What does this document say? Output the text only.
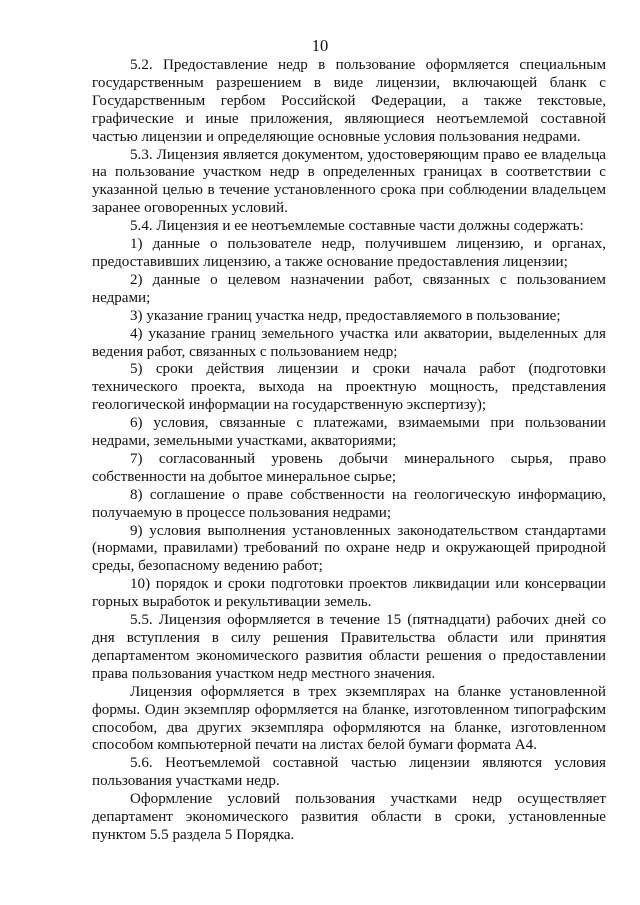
10

5.2. Предоставление недр в пользование оформляется специальным государственным разрешением в виде лицензии, включающей бланк с Государственным гербом Российской Федерации, а также текстовые, графические и иные приложения, являющиеся неотъемлемой составной частью лицензии и определяющие основные условия пользования недрами.

5.3. Лицензия является документом, удостоверяющим право ее владельца на пользование участком недр в определенных границах в соответствии с указанной целью в течение установленного срока при соблюдении владельцем заранее оговоренных условий.

5.4. Лицензия и ее неотъемлемые составные части должны содержать:

1) данные о пользователе недр, получившем лицензию, и органах, предоставивших лицензию, а также основание предоставления лицензии;

2) данные о целевом назначении работ, связанных с пользованием недрами;

3) указание границ участка недр, предоставляемого в пользование;

4) указание границ земельного участка или акватории, выделенных для ведения работ, связанных с пользованием недр;

5) сроки действия лицензии и сроки начала работ (подготовки технического проекта, выхода на проектную мощность, представления геологической информации на государственную экспертизу);

6) условия, связанные с платежами, взимаемыми при пользовании недрами, земельными участками, акваториями;

7) согласованный уровень добычи минерального сырья, право собственности на добытое минеральное сырье;

8) соглашение о праве собственности на геологическую информацию, получаемую в процессе пользования недрами;

9) условия выполнения установленных законодательством стандартами (нормами, правилами) требований по охране недр и окружающей природной среды, безопасному ведению работ;

10) порядок и сроки подготовки проектов ликвидации или консервации горных выработок и рекультивации земель.

5.5. Лицензия оформляется в течение 15 (пятнадцати) рабочих дней со дня вступления в силу решения Правительства области или принятия департаментом экономического развития области решения о предоставлении права пользования участком недр местного значения.

Лицензия оформляется в трех экземплярах на бланке установленной формы. Один экземпляр оформляется на бланке, изготовленном типографским способом, два других экземпляра оформляются на бланке, изготовленном способом компьютерной печати на листах белой бумаги формата А4.

5.6. Неотъемлемой составной частью лицензии являются условия пользования участками недр.

Оформление условий пользования участками недр осуществляет департамент экономического развития области в сроки, установленные пунктом 5.5 раздела 5 Порядка.
